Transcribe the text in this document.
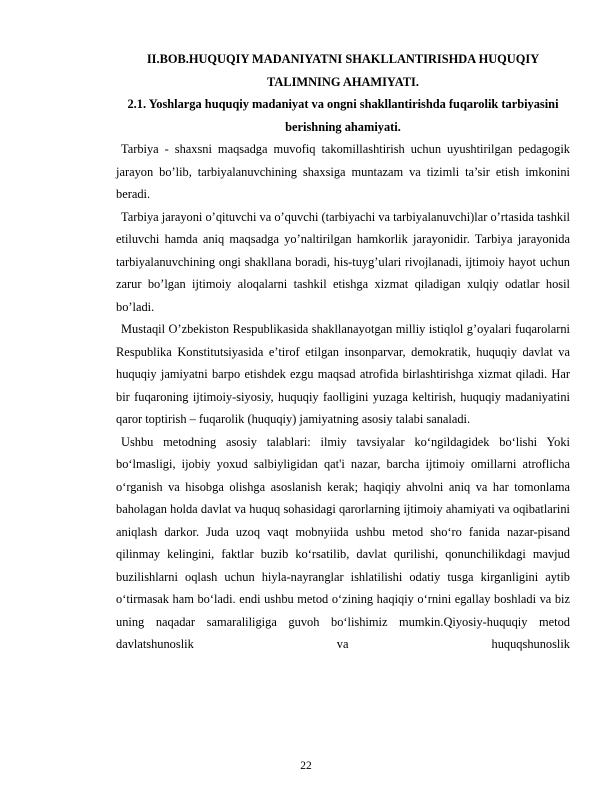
II.BOB.HUQUQIY MADANIYATNI SHAKLLANTIRISHDA HUQUQIY TALIMNING AHAMIYATI.

2.1. Yoshlarga huquqiy madaniyat va ongni shakllantirishda fuqarolik tarbiyasini berishning ahamiyati.

Tarbiya - shaxsni maqsadga muvofiq takomillashtirish uchun uyushtirilgan pedagogik jarayon bo’lib, tarbiyalanuvchining shaxsiga muntazam va tizimli ta’sir etish imkonini beradi.

Tarbiya jarayoni o’qituvchi va o’quvchi (tarbiyachi va tarbiyalanuvchi)lar o’rtasida tashkil etiluvchi hamda aniq maqsadga yo’naltirilgan hamkorlik jarayonidir. Tarbiya jarayonida tarbiyalanuvchining ongi shakllana boradi, his-tuyg’ulari rivojlanadi, ijtimoiy hayot uchun zarur bo’lgan ijtimoiy aloqalarni tashkil etishga xizmat qiladigan xulqiy odatlar hosil bo’ladi.

Mustaqil O’zbekiston Respublikasida shakllanayotgan milliy istiqlol g’oyalari fuqarolarni Respublika Konstitutsiyasida e’tirof etilgan insonparvar, demokratik, huquqiy davlat va huquqiy jamiyatni barpo etishdek ezgu maqsad atrofida birlashtirishga xizmat qiladi. Har bir fuqaroning ijtimoiy-siyosiy, huquqiy faolligini yuzaga keltirish, huquqiy madaniyatini qaror toptirish – fuqarolik (huquqiy) jamiyatning asosiy talabi sanaladi.

Ushbu metodning asosiy talablari: ilmiy tavsiyalar ko‘ngildagidek bo‘lishi Yoki bo‘lmasligi, ijobiy yoxud salbiyligidan qat'i nazar, barcha ijtimoiy omillarni atroflicha o‘rganish va hisobga olishga asoslanish kerak; haqiqiy ahvolni aniq va har tomonlama baholagan holda davlat va huquq sohasidagi qarorlarning ijtimoiy ahamiyati va oqibatlarini aniqlash darkor. Juda uzoq vaqt mobnyiida ushbu metod sho‘ro fanida nazar-pisand qilinmay kelingini, faktlar buzib ko‘rsatilib, davlat qurilishi, qonunchilikdagi mavjud buzilishlarni oqlash uchun hiyla-nayranglar ishlatilishi odatiy tusga kirganligini aytib o‘tirmasak ham bo‘ladi. endi ushbu metod o‘zining haqiqiy o‘rnini egallay boshladi va biz uning naqadar samaraliligiga guvoh bo‘lishimiz mumkin.Qiyosiy-huquqiy metod davlatshunoslik va huquqshunoslik

22
